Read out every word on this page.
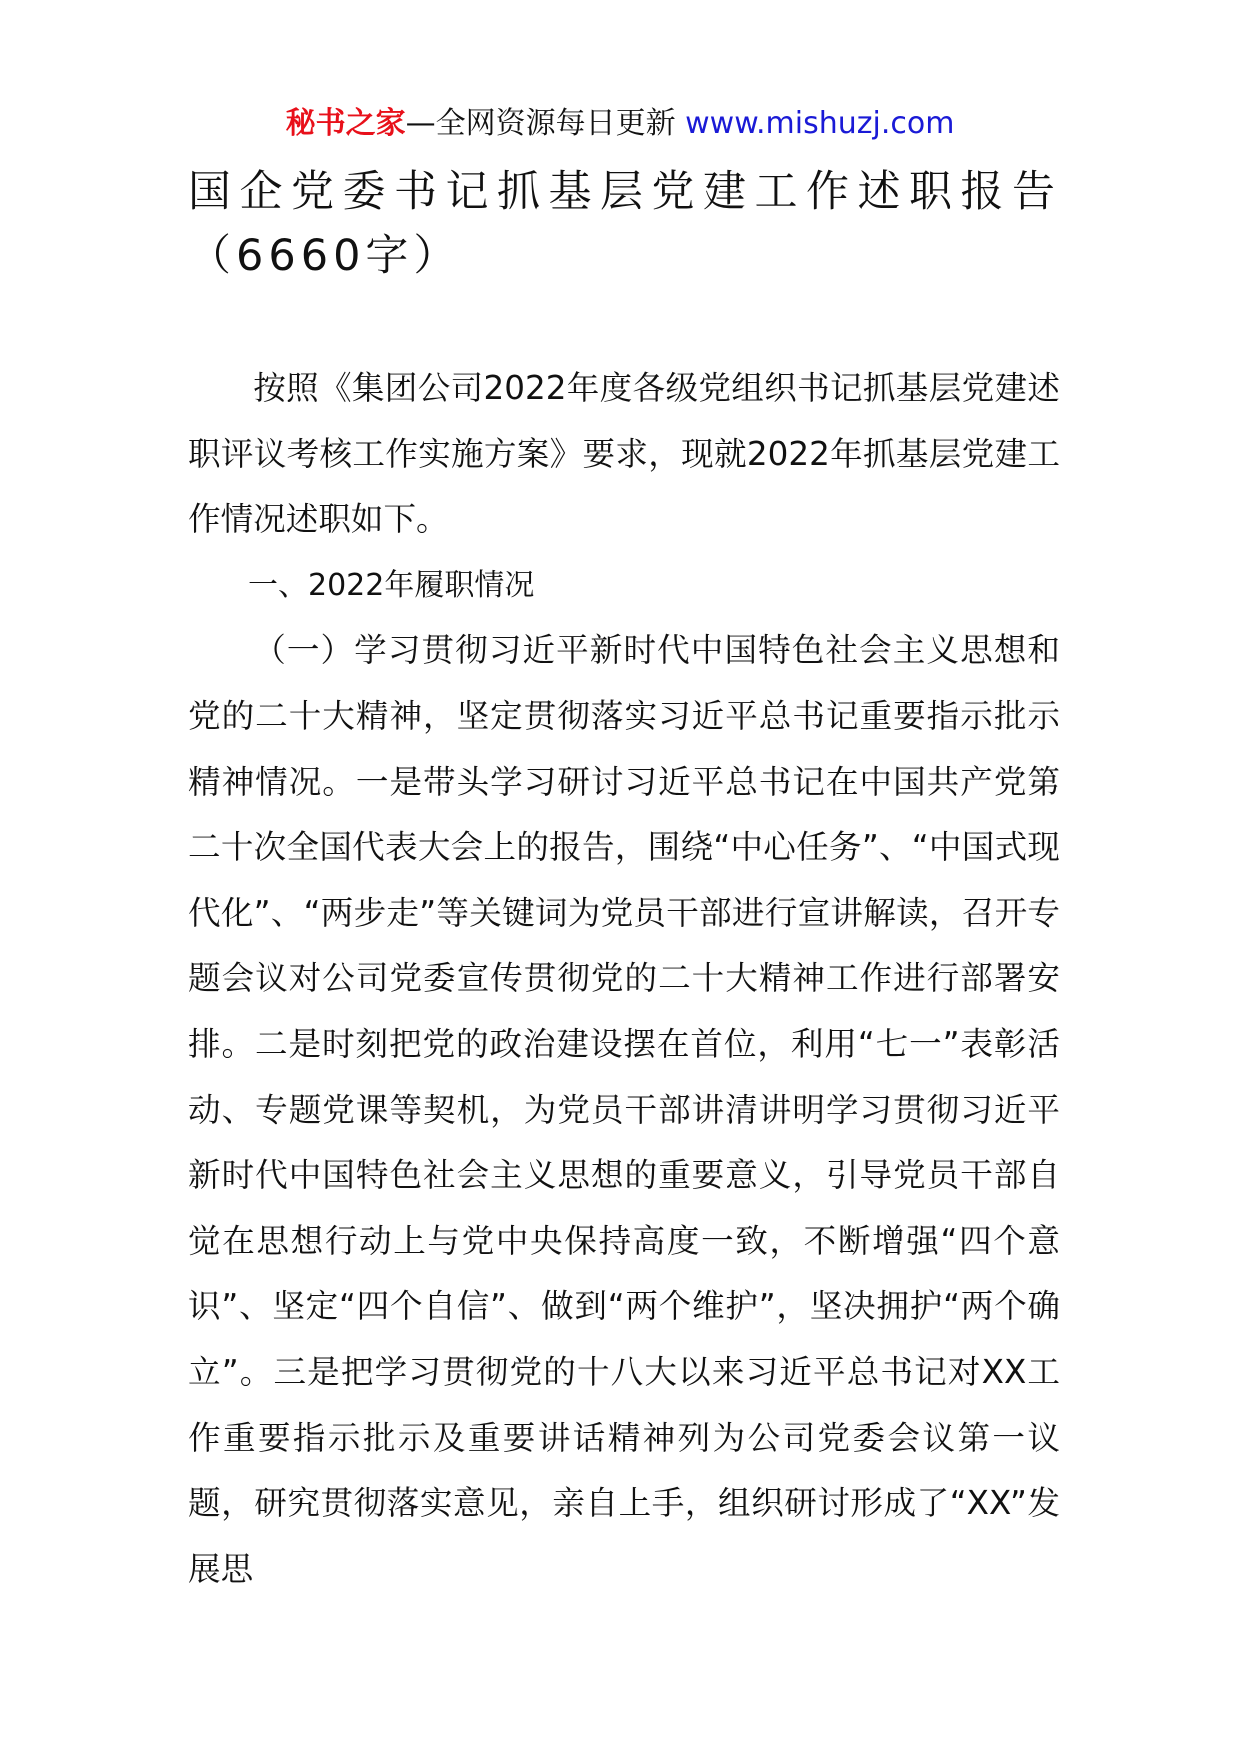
秘书之家—全网资源每日更新 www.mishuzj.com
国企党委书记抓基层党建工作述职报告（6660字）

按照《集团公司2022年度各级党组织书记抓基层党建述职评议考核工作实施方案》要求，现就2022年抓基层党建工作情况述职如下。

一、2022年履职情况

（一）学习贯彻习近平新时代中国特色社会主义思想和党的二十大精神，坚定贯彻落实习近平总书记重要指示批示精神情况。一是带头学习研讨习近平总书记在中国共产党第二十次全国代表大会上的报告，围绕“中心任务”、“中国式现代化”、“两步走”等关键词为党员干部进行宣讲解读，召开专题会议对公司党委宣传贯彻党的二十大精神工作进行部署安排。二是时刻把党的政治建设摆在首位，利用“七一”表彰活动、专题党课等契机，为党员干部讲清讲明学习贯彻习近平新时代中国特色社会主义思想的重要意义，引导党员干部自觉在思想行动上与党中央保持高度一致，不断增强“四个意识”、坚定“四个自信”、做到“两个维护”，坚决拥护“两个确立”。三是把学习贯彻党的十八大以来习近平总书记对XX工作重要指示批示及重要讲话精神列为公司党委会议第一议题，研究贯彻落实意见，亲自上手，组织研讨形成了“XX”发展思
